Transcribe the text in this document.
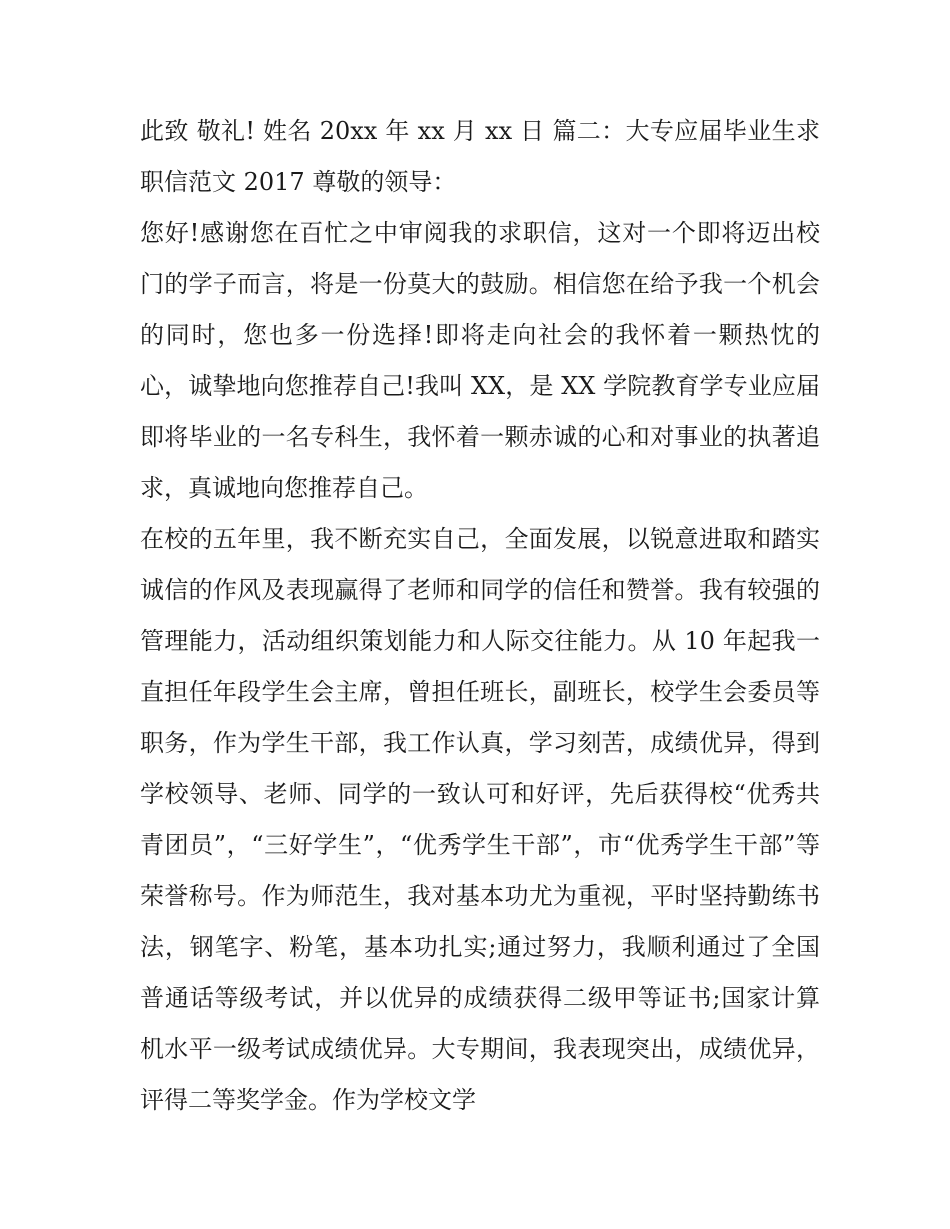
此致 敬礼! 姓名 20xx 年 xx 月 xx 日 篇二：大专应届毕业生求职信范文 2017 尊敬的领导：

您好!感谢您在百忙之中审阅我的求职信，这对一个即将迈出校门的学子而言，将是一份莫大的鼓励。相信您在给予我一个机会的同时，您也多一份选择!即将走向社会的我怀着一颗热忱的心，诚挚地向您推荐自己!我叫 XX，是 XX 学院教育学专业应届即将毕业的一名专科生，我怀着一颗赤诚的心和对事业的执著追求，真诚地向您推荐自己。

在校的五年里，我不断充实自己，全面发展，以锐意进取和踏实诚信的作风及表现赢得了老师和同学的信任和赞誉。我有较强的管理能力，活动组织策划能力和人际交往能力。从 10 年起我一直担任年段学生会主席，曾担任班长，副班长，校学生会委员等职务，作为学生干部，我工作认真，学习刻苦，成绩优异，得到学校领导、老师、同学的一致认可和好评，先后获得校“优秀共青团员”，“三好学生”，“优秀学生干部”，市“优秀学生干部”等荣誉称号。作为师范生，我对基本功尤为重视，平时坚持勤练书法，钢笔字、粉笔，基本功扎实;通过努力，我顺利通过了全国普通话等级考试，并以优异的成绩获得二级甲等证书;国家计算机水平一级考试成绩优异。大专期间，我表现突出，成绩优异，评得二等奖学金。作为学校文学
